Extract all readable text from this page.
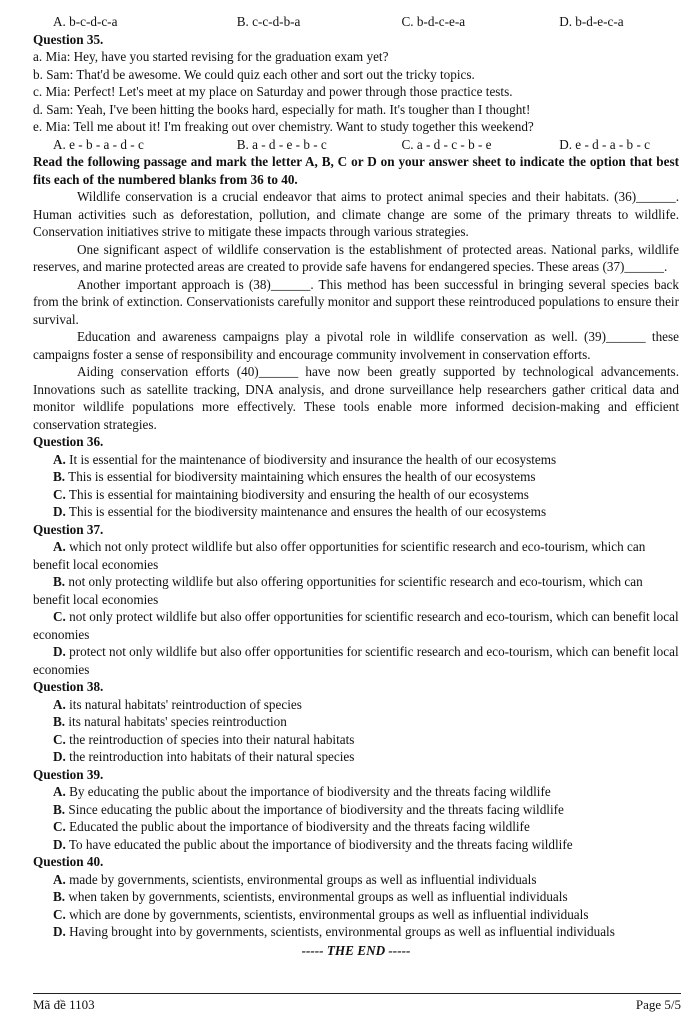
A. b-c-d-c-a	B. c-c-d-b-a	C. b-d-c-e-a	D. b-d-e-c-a
Question 35.
a. Mia: Hey, have you started revising for the graduation exam yet?
b. Sam: That'd be awesome. We could quiz each other and sort out the tricky topics.
c. Mia: Perfect! Let's meet at my place on Saturday and power through those practice tests.
d. Sam: Yeah, I've been hitting the books hard, especially for math. It's tougher than I thought!
e. Mia: Tell me about it! I'm freaking out over chemistry. Want to study together this weekend?
A. e - b - a - d - c	B. a - d - e - b - c	C. a - d - c - b - e	D. e - d - a - b - c
Read the following passage and mark the letter A, B, C or D on your answer sheet to indicate the option that best fits each of the numbered blanks from 36 to 40.
Wildlife conservation is a crucial endeavor that aims to protect animal species and their habitats. (36)______. Human activities such as deforestation, pollution, and climate change are some of the primary threats to wildlife. Conservation initiatives strive to mitigate these impacts through various strategies.
One significant aspect of wildlife conservation is the establishment of protected areas. National parks, wildlife reserves, and marine protected areas are created to provide safe havens for endangered species. These areas (37)______.
Another important approach is (38)______. This method has been successful in bringing several species back from the brink of extinction. Conservationists carefully monitor and support these reintroduced populations to ensure their survival.
Education and awareness campaigns play a pivotal role in wildlife conservation as well. (39)______ these campaigns foster a sense of responsibility and encourage community involvement in conservation efforts.
Aiding conservation efforts (40)______ have now been greatly supported by technological advancements. Innovations such as satellite tracking, DNA analysis, and drone surveillance help researchers gather critical data and monitor wildlife populations more effectively. These tools enable more informed decision-making and efficient conservation strategies.
Question 36.
A. It is essential for the maintenance of biodiversity and insurance the health of our ecosystems
B. This is essential for biodiversity maintaining which ensures the health of our ecosystems
C. This is essential for maintaining biodiversity and ensuring the health of our ecosystems
D. This is essential for the biodiversity maintenance and ensures the health of our ecosystems
Question 37.
A. which not only protect wildlife but also offer opportunities for scientific research and eco-tourism, which can benefit local economies
B. not only protecting wildlife but also offering opportunities for scientific research and eco-tourism, which can benefit local economies
C. not only protect wildlife but also offer opportunities for scientific research and eco-tourism, which can benefit local economies
D. protect not only wildlife but also offer opportunities for scientific research and eco-tourism, which can benefit local economies
Question 38.
A. its natural habitats' reintroduction of species
B. its natural habitats' species reintroduction
C. the reintroduction of species into their natural habitats
D. the reintroduction into habitats of their natural species
Question 39.
A. By educating the public about the importance of biodiversity and the threats facing wildlife
B. Since educating the public about the importance of biodiversity and the threats facing wildlife
C. Educated the public about the importance of biodiversity and the threats facing wildlife
D. To have educated the public about the importance of biodiversity and the threats facing wildlife
Question 40.
A. made by governments, scientists, environmental groups as well as influential individuals
B. when taken by governments, scientists, environmental groups as well as influential individuals
C. which are done by governments, scientists, environmental groups as well as influential individuals
D. Having brought into by governments, scientists, environmental groups as well as influential individuals
----- THE END -----
Mã đề 1103	Page 5/5
